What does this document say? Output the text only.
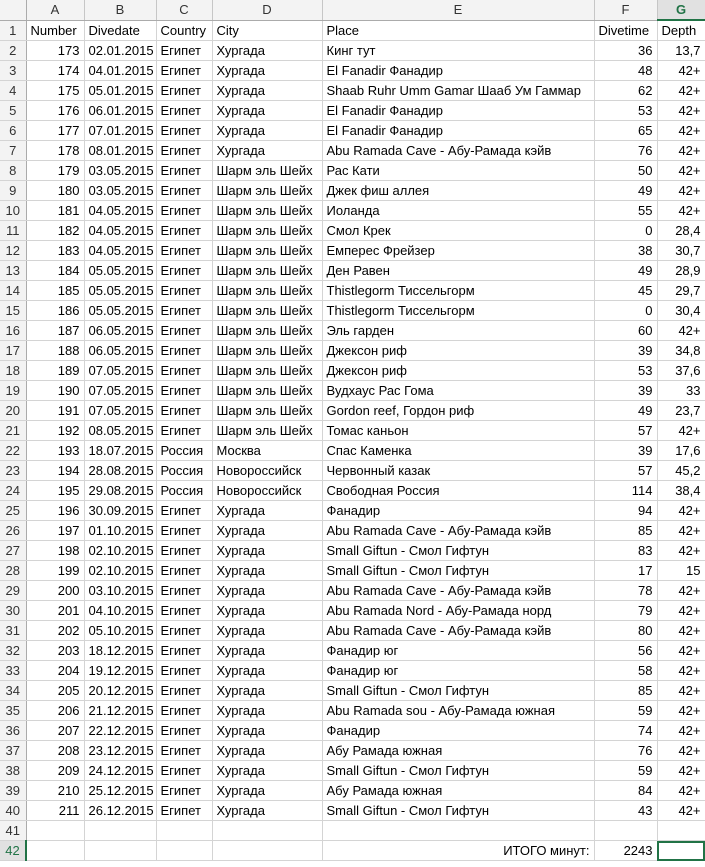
	A	B	C	D	E	F	G
1	Number	Divedate	Country	City	Place	Divetime	Depth
2	173	02.01.2015	Египет	Хургада	Кинг тут	36	13,7
3	174	04.01.2015	Египет	Хургада	El Fanadir Фанадир	48	42+
4	175	05.01.2015	Египет	Хургада	Shaab Ruhr Umm Gamar Шааб Ум Гаммар	62	42+
5	176	06.01.2015	Египет	Хургада	El Fanadir Фанадир	53	42+
6	177	07.01.2015	Египет	Хургада	El Fanadir Фанадир	65	42+
7	178	08.01.2015	Египет	Хургада	Abu Ramada Cave - Абу-Рамада кэйв	76	42+
8	179	03.05.2015	Египет	Шарм эль Шейх	Рас Кати	50	42+
9	180	03.05.2015	Египет	Шарм эль Шейх	Джек фиш аллея	49	42+
10	181	04.05.2015	Египет	Шарм эль Шейх	Иоланда	55	42+
11	182	04.05.2015	Египет	Шарм эль Шейх	Смол Крек	0	28,4
12	183	04.05.2015	Египет	Шарм эль Шейх	Емперес Фрейзер	38	30,7
13	184	05.05.2015	Египет	Шарм эль Шейх	Ден Равен	49	28,9
14	185	05.05.2015	Египет	Шарм эль Шейх	Thistlegorm Тиссельгорм	45	29,7
15	186	05.05.2015	Египет	Шарм эль Шейх	Thistlegorm Тиссельгорм	0	30,4
16	187	06.05.2015	Египет	Шарм эль Шейх	Эль гарден	60	42+
17	188	06.05.2015	Египет	Шарм эль Шейх	Джексон риф	39	34,8
18	189	07.05.2015	Египет	Шарм эль Шейх	Джексон риф	53	37,6
19	190	07.05.2015	Египет	Шарм эль Шейх	Вудхаус Рас Гома	39	33
20	191	07.05.2015	Египет	Шарм эль Шейх	Gordon reef, Гордон риф	49	23,7
21	192	08.05.2015	Египет	Шарм эль Шейх	Томас каньон	57	42+
22	193	18.07.2015	Россия	Москва	Спас Каменка	39	17,6
23	194	28.08.2015	Россия	Новороссийск	Червонный казак	57	45,2
24	195	29.08.2015	Россия	Новороссийск	Свободная Россия	114	38,4
25	196	30.09.2015	Египет	Хургада	Фанадир	94	42+
26	197	01.10.2015	Египет	Хургада	Abu Ramada Cave - Абу-Рамада кэйв	85	42+
27	198	02.10.2015	Египет	Хургада	Small Giftun - Смол Гифтун	83	42+
28	199	02.10.2015	Египет	Хургада	Small Giftun - Смол Гифтун	17	15
29	200	03.10.2015	Египет	Хургада	Abu Ramada Cave - Абу-Рамада кэйв	78	42+
30	201	04.10.2015	Египет	Хургада	Abu Ramada Nord - Абу-Рамада норд	79	42+
31	202	05.10.2015	Египет	Хургада	Abu Ramada Cave - Абу-Рамада кэйв	80	42+
32	203	18.12.2015	Египет	Хургада	Фанадир юг	56	42+
33	204	19.12.2015	Египет	Хургада	Фанадир юг	58	42+
34	205	20.12.2015	Египет	Хургада	Small Giftun - Смол Гифтун	85	42+
35	206	21.12.2015	Египет	Хургада	Abu Ramada sou - Абу-Рамада южная	59	42+
36	207	22.12.2015	Египет	Хургада	Фанадир	74	42+
37	208	23.12.2015	Египет	Хургада	Абу Рамада южная	76	42+
38	209	24.12.2015	Египет	Хургада	Small Giftun - Смол Гифтун	59	42+
39	210	25.12.2015	Египет	Хургада	Абу Рамада южная	84	42+
40	211	26.12.2015	Египет	Хургада	Small Giftun - Смол Гифтун	43	42+
41							
42					ИТОГО минут:	2243	
